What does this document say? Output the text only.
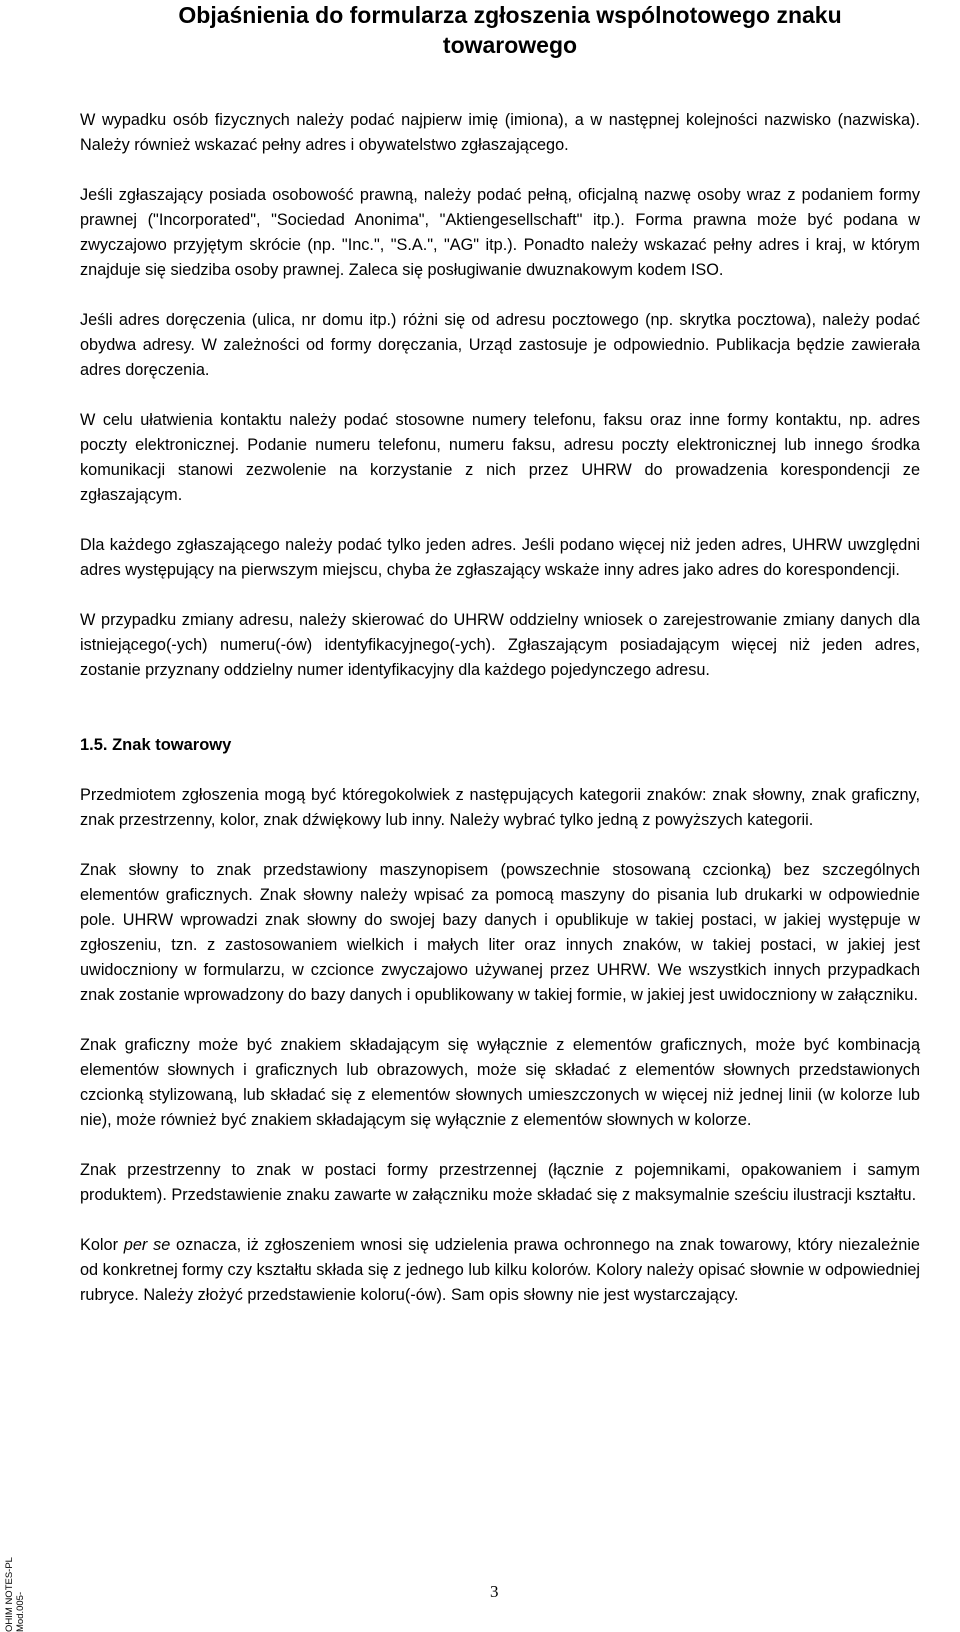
Objaśnienia do formularza zgłoszenia wspólnotowego znaku towarowego

W wypadku osób fizycznych należy podać najpierw imię (imiona), a w następnej kolejności nazwisko (nazwiska). Należy również wskazać pełny adres i obywatelstwo zgłaszającego.

Jeśli zgłaszający posiada osobowość prawną, należy podać pełną, oficjalną nazwę osoby wraz z podaniem formy prawnej ("Incorporated", "Sociedad Anonima", "Aktiengesellschaft" itp.). Forma prawna może być podana w zwyczajowo przyjętym skrócie (np. "Inc.", "S.A.", "AG" itp.). Ponadto należy wskazać pełny adres i kraj, w którym znajduje się siedziba osoby prawnej. Zaleca się posługiwanie dwuznakowym kodem ISO.

Jeśli adres doręczenia (ulica, nr domu itp.) różni się od adresu pocztowego (np. skrytka pocztowa), należy podać obydwa adresy. W zależności od formy doręczania, Urząd zastosuje je odpowiednio. Publikacja będzie zawierała adres doręczenia.

W celu ułatwienia kontaktu należy podać stosowne numery telefonu, faksu oraz inne formy kontaktu, np. adres poczty elektronicznej. Podanie numeru telefonu, numeru faksu, adresu poczty elektronicznej lub innego środka komunikacji stanowi zezwolenie na korzystanie z nich przez UHRW do prowadzenia korespondencji ze zgłaszającym.

Dla każdego zgłaszającego należy podać tylko jeden adres. Jeśli podano więcej niż jeden adres, UHRW uwzględni adres występujący na pierwszym miejscu, chyba że zgłaszający wskaże inny adres jako adres do korespondencji.

W przypadku zmiany adresu, należy skierować do UHRW oddzielny wniosek o zarejestrowanie zmiany danych dla istniejącego(-ych) numeru(-ów) identyfikacyjnego(-ych). Zgłaszającym posiadającym więcej niż jeden adres, zostanie przyznany oddzielny numer identyfikacyjny dla każdego pojedynczego adresu.

1.5. Znak towarowy

Przedmiotem zgłoszenia mogą być któregokolwiek z następujących kategorii znaków: znak słowny, znak graficzny, znak przestrzenny, kolor, znak dźwiękowy lub inny. Należy wybrać tylko jedną z powyższych kategorii.

Znak słowny to znak przedstawiony maszynopisem (powszechnie stosowaną czcionką) bez szczególnych elementów graficznych. Znak słowny należy wpisać za pomocą maszyny do pisania lub drukarki w odpowiednie pole. UHRW wprowadzi znak słowny do swojej bazy danych i opublikuje w takiej postaci, w jakiej występuje w zgłoszeniu, tzn. z zastosowaniem wielkich i małych liter oraz innych znaków, w takiej postaci, w jakiej jest uwidoczniony w formularzu, w czcionce zwyczajowo używanej przez UHRW. We wszystkich innych przypadkach znak zostanie wprowadzony do bazy danych i opublikowany w takiej formie, w jakiej jest uwidoczniony w załączniku.

Znak graficzny może być znakiem składającym się wyłącznie z elementów graficznych, może być kombinacją elementów słownych i graficznych lub obrazowych, może się składać z elementów słownych przedstawionych czcionką stylizowaną, lub składać się z elementów słownych umieszczonych w więcej niż jednej linii (w kolorze lub nie), może również być znakiem składającym się wyłącznie z elementów słownych w kolorze.

Znak przestrzenny to znak w postaci formy przestrzennej (łącznie z pojemnikami, opakowaniem i samym produktem). Przedstawienie znaku zawarte w załączniku może składać się z maksymalnie sześciu ilustracji kształtu.

Kolor per se oznacza, iż zgłoszeniem wnosi się udzielenia prawa ochronnego na znak towarowy, który niezależnie od konkretnej formy czy kształtu składa się z jednego lub kilku kolorów. Kolory należy opisać słownie w odpowiedniej rubryce. Należy złożyć przedstawienie koloru(-ów). Sam opis słowny nie jest wystarczający.

OHIM NOTES-PL Mod.005-
3
